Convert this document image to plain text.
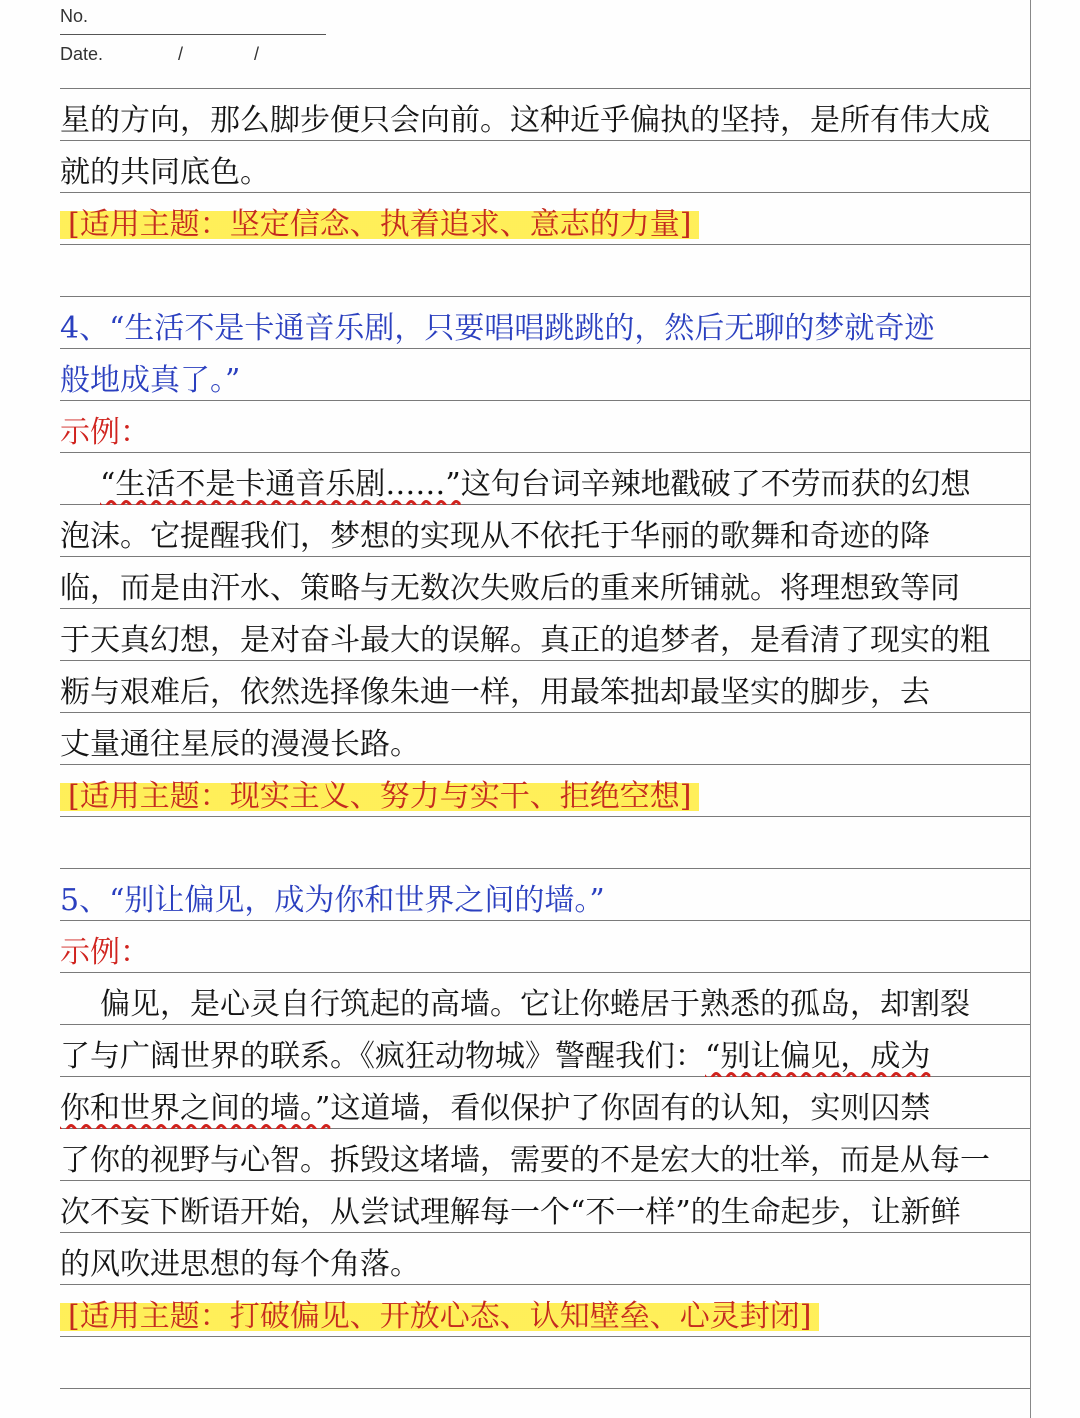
No.
Date.	/	/
星的方向，那么脚步便只会向前。这种近乎偏执的坚持，是所有伟大成
就的共同底色。
[适用主题：坚定信念、执着追求、意志的力量]
4、“生活不是卡通音乐剧，只要唱唱跳跳的，然后无聊的梦就奇迹
般地成真了。”
示例：
“生活不是卡通音乐剧……”这句台词辛辣地戳破了不劳而获的幻想
泡沫。它提醒我们，梦想的实现从不依托于华丽的歌舞和奇迹的降
临，而是由汗水、策略与无数次失败后的重来所铺就。将理想致等同
于天真幻想，是对奋斗最大的误解。真正的追梦者，是看清了现实的粗
粝与艰难后，依然选择像朱迪一样，用最笨拙却最坚实的脚步，去
丈量通往星辰的漫漫长路。
[适用主题：现实主义、努力与实干、拒绝空想]
5、“别让偏见，成为你和世界之间的墙。”
示例：
偏见，是心灵自行筑起的高墙。它让你蜷居于熟悉的孤岛，却割裂
了与广阔世界的联系。《疯狂动物城》警醒我们：“别让偏见，成为
你和世界之间的墙。”这道墙，看似保护了你固有的认知，实则囚禁
了你的视野与心智。拆毁这堵墙，需要的不是宏大的壮举，而是从每一
次不妄下断语开始，从尝试理解每一个“不一样”的生命起步，让新鲜
的风吹进思想的每个角落。
[适用主题：打破偏见、开放心态、认知壁垒、心灵封闭]
